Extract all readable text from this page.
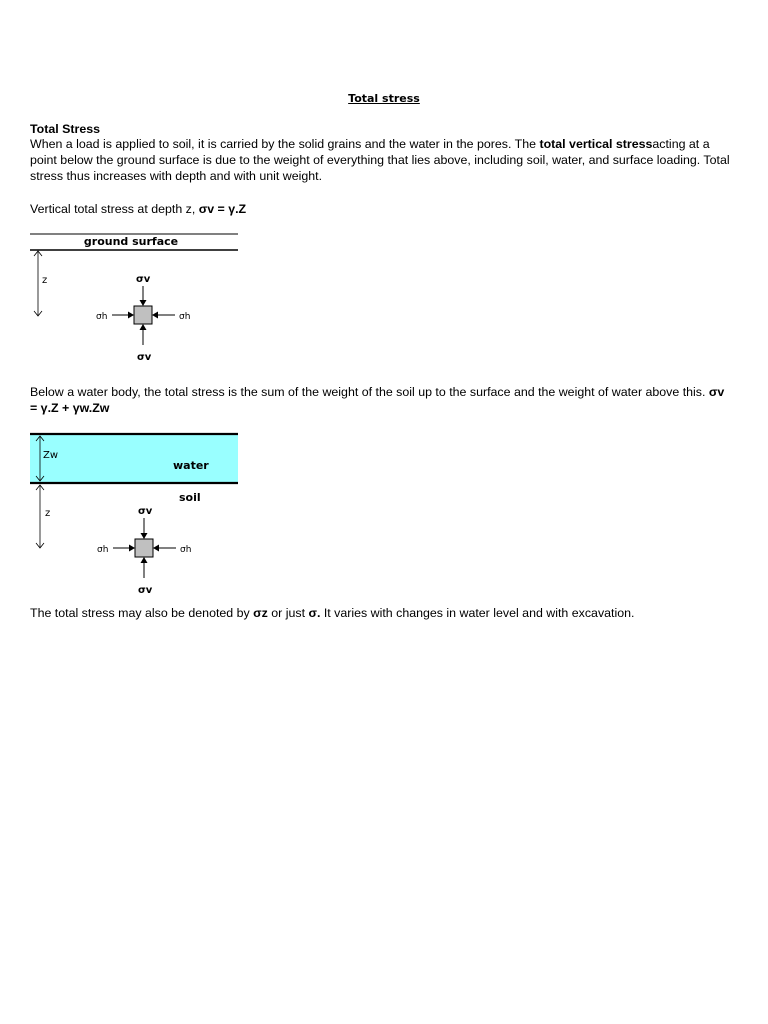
Total stress
Total Stress
When a load is applied to soil, it is carried by the solid grains and the water in the pores. The total vertical stressacting at a point below the ground surface is due to the weight of everything that lies above, including soil, water, and surface loading. Total stress thus increases with depth and with unit weight.
Vertical total stress at depth z, σv = γ.Z
ground surface
z	σv
σv
σh	σh
water
soil
Zw
z	σv
σv
σh	σh
Below a water body, the total stress is the sum of the weight of the soil up to the surface and the weight of water above this. σv = γ.Z + γw.Zw
The total stress may also be denoted by σz or just σ. It varies with changes in water level and with excavation.
